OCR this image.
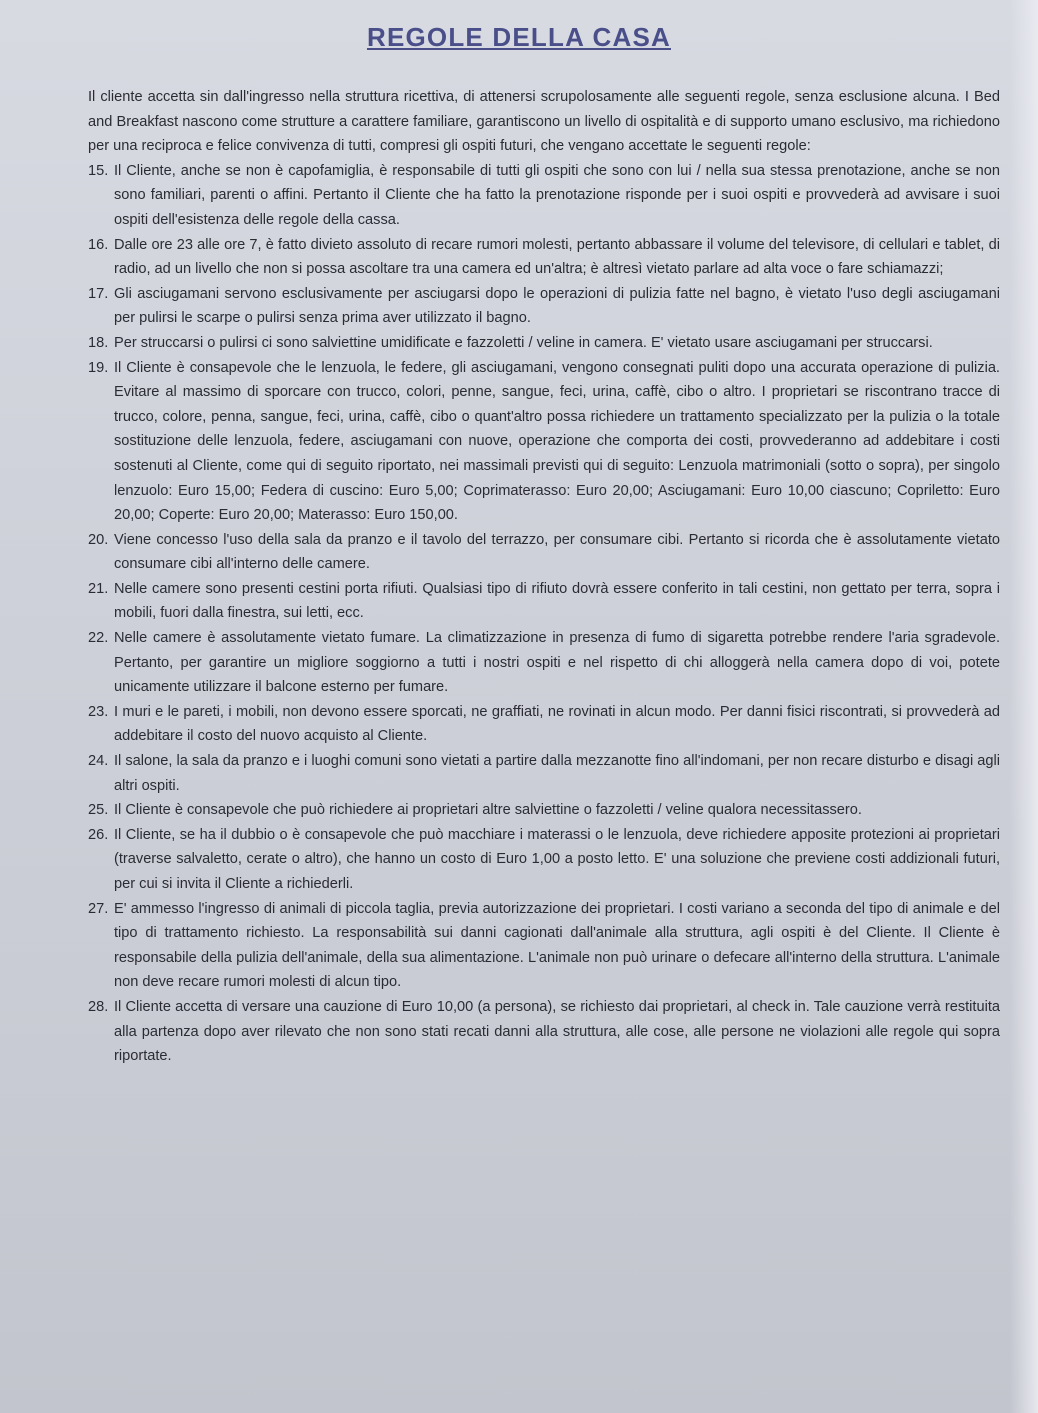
REGOLE DELLA CASA

Il cliente accetta sin dall'ingresso nella struttura ricettiva, di attenersi scrupolosamente alle seguenti regole, senza esclusione alcuna. I Bed and Breakfast nascono come strutture a carattere familiare, garantiscono un livello di ospitalità e di supporto umano esclusivo, ma richiedono per una reciproca e felice convivenza di tutti, compresi gli ospiti futuri, che vengano accettate le seguenti regole:

15. Il Cliente, anche se non è capofamiglia, è responsabile di tutti gli ospiti che sono con lui / nella sua stessa prenotazione, anche se non sono familiari, parenti o affini. Pertanto il Cliente che ha fatto la prenotazione risponde per i suoi ospiti e provvederà ad avvisare i suoi ospiti dell'esistenza delle regole della cassa.
16. Dalle ore 23 alle ore 7, è fatto divieto assoluto di recare rumori molesti, pertanto abbassare il volume del televisore, di cellulari e tablet, di radio, ad un livello che non si possa ascoltare tra una camera ed un'altra; è altresì vietato parlare ad alta voce o fare schiamazzi;
17. Gli asciugamani servono esclusivamente per asciugarsi dopo le operazioni di pulizia fatte nel bagno, è vietato l'uso degli asciugamani per pulirsi le scarpe o pulirsi senza prima aver utilizzato il bagno.
18. Per struccarsi o pulirsi ci sono salviettine umidificate e fazzoletti / veline in camera. E' vietato usare asciugamani per struccarsi.
19. Il Cliente è consapevole che le lenzuola, le federe, gli asciugamani, vengono consegnati puliti dopo una accurata operazione di pulizia. Evitare al massimo di sporcare con trucco, colori, penne, sangue, feci, urina, caffè, cibo o altro. I proprietari se riscontrano tracce di trucco, colore, penna, sangue, feci, urina, caffè, cibo o quant'altro possa richiedere un trattamento specializzato per la pulizia o la totale sostituzione delle lenzuola, federe, asciugamani con nuove, operazione che comporta dei costi, provvederanno ad addebitare i costi sostenuti al Cliente, come qui di seguito riportato, nei massimali previsti qui di seguito: Lenzuola matrimoniali (sotto o sopra), per singolo lenzuolo: Euro 15,00; Federa di cuscino: Euro 5,00; Coprimaterasso: Euro 20,00; Asciugamani: Euro 10,00 ciascuno; Copriletto: Euro 20,00; Coperte: Euro 20,00; Materasso: Euro 150,00.
20. Viene concesso l'uso della sala da pranzo e il tavolo del terrazzo, per consumare cibi. Pertanto si ricorda che è assolutamente vietato consumare cibi all'interno delle camere.
21. Nelle camere sono presenti cestini porta rifiuti. Qualsiasi tipo di rifiuto dovrà essere conferito in tali cestini, non gettato per terra, sopra i mobili, fuori dalla finestra, sui letti, ecc.
22. Nelle camere è assolutamente vietato fumare. La climatizzazione in presenza di fumo di sigaretta potrebbe rendere l'aria sgradevole. Pertanto, per garantire un migliore soggiorno a tutti i nostri ospiti e nel rispetto di chi alloggerà nella camera dopo di voi, potete unicamente utilizzare il balcone esterno per fumare.
23. I muri e le pareti, i mobili, non devono essere sporcati, ne graffiati, ne rovinati in alcun modo. Per danni fisici riscontrati, si provvederà ad addebitare il costo del nuovo acquisto al Cliente.
24. Il salone, la sala da pranzo e i luoghi comuni sono vietati a partire dalla mezzanotte fino all'indomani, per non recare disturbo e disagi agli altri ospiti.
25. Il Cliente è consapevole che può richiedere ai proprietari altre salviettine o fazzoletti / veline qualora necessitassero.
26. Il Cliente, se ha il dubbio o è consapevole che può macchiare i materassi o le lenzuola, deve richiedere apposite protezioni ai proprietari (traverse salvaletto, cerate o altro), che hanno un costo di Euro 1,00 a posto letto. E' una soluzione che previene costi addizionali futuri, per cui si invita il Cliente a richiederli.
27. E' ammesso l'ingresso di animali di piccola taglia, previa autorizzazione dei proprietari. I costi variano a seconda del tipo di animale e del tipo di trattamento richiesto. La responsabilità sui danni cagionati dall'animale alla struttura, agli ospiti è del Cliente. Il Cliente è responsabile della pulizia dell'animale, della sua alimentazione. L'animale non può urinare o defecare all'interno della struttura. L'animale non deve recare rumori molesti di alcun tipo.
28. Il Cliente accetta di versare una cauzione di Euro 10,00 (a persona), se richiesto dai proprietari, al check in. Tale cauzione verrà restituita alla partenza dopo aver rilevato che non sono stati recati danni alla struttura, alle cose, alle persone ne violazioni alle regole qui sopra riportate.
